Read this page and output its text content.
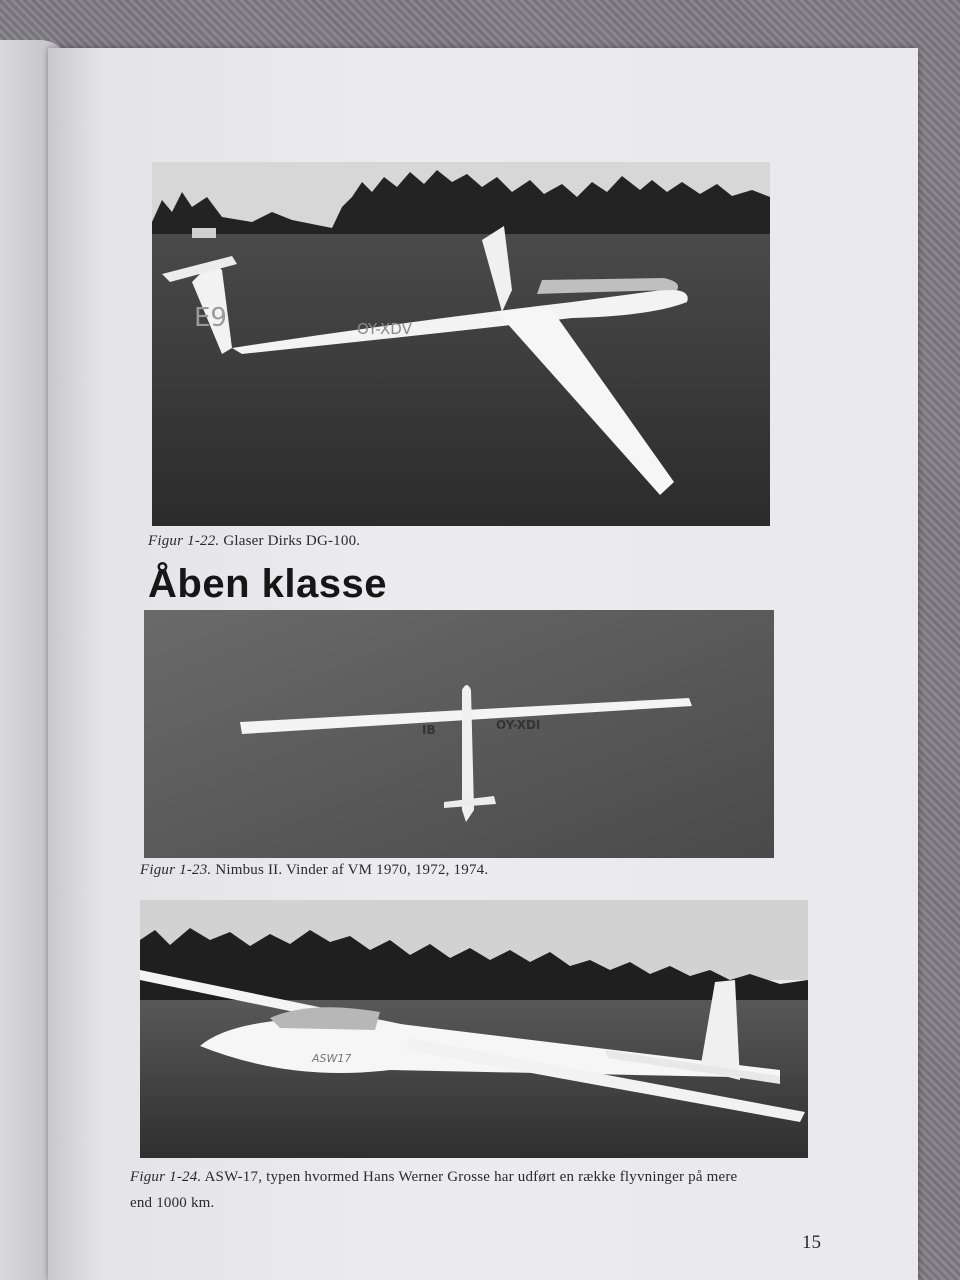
E9	OY-XDV
Figur 1-22. Glaser Dirks DG-100.
Åben klasse
IB	OY-XDI
Figur 1-23. Nimbus II. Vinder af VM 1970, 1972, 1974.
ASW17
Figur 1-24. ASW-17, typen hvormed Hans Werner Grosse har udført en række flyvninger på mere
end 1000 km.
15
